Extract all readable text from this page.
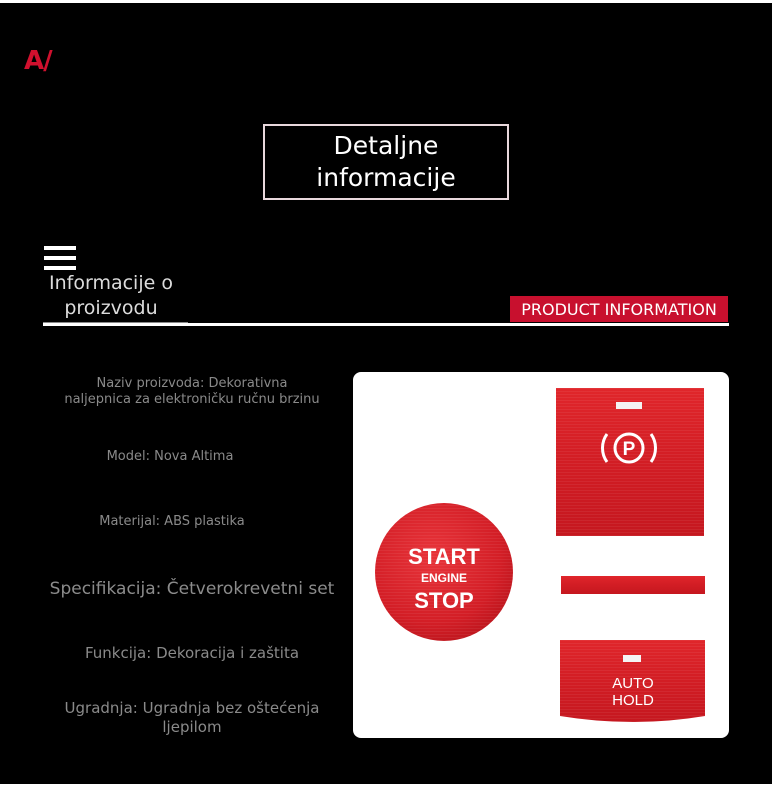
A/
Detaljne
informacije
Informacije o
proizvodu	PRODUCT INFORMATION
Naziv proizvoda: Dekorativna
naljepnica za elektroničku ručnu brzinu
Model: Nova Altima
Materijal: ABS plastika
Specifikacija: Četverokrevetni set
Funkcija: Dekoracija i zaštita
Ugradnja: Ugradnja bez oštećenja
ljepilom
START
ENGINE
STOP
P
AUTO
HOLD
